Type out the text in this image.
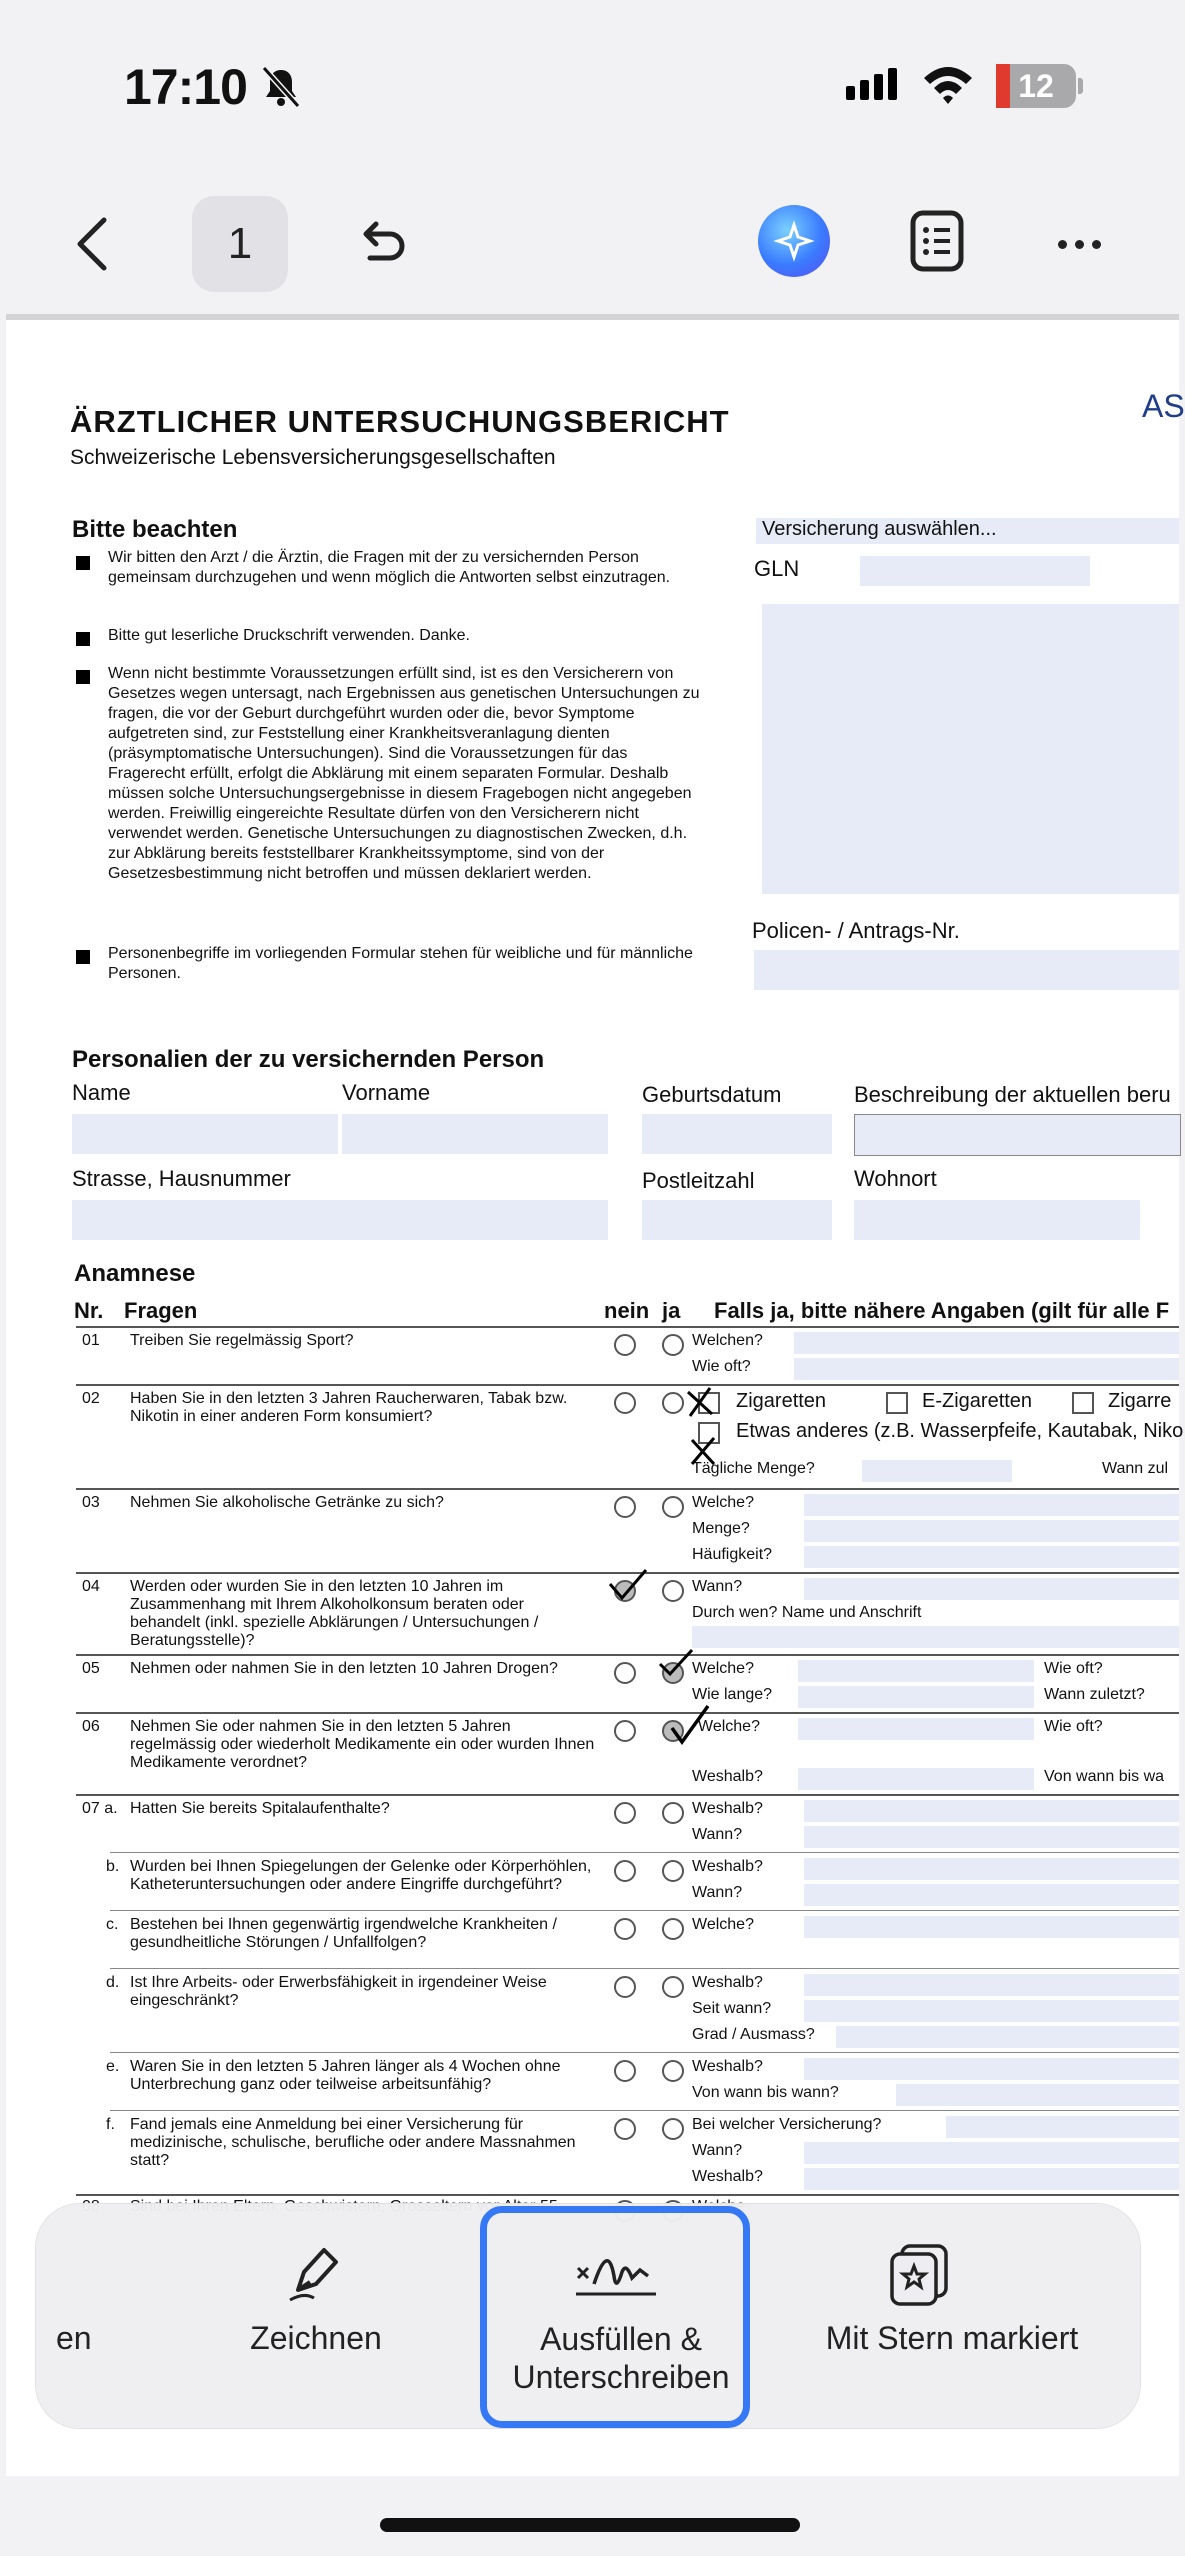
17:10	12
1
ÄRZTLICHER UNTERSUCHUNGSBERICHT
Schweizerische Lebensversicherungsgesellschaften
AS
Bitte beachten
Wir bitten den Arzt / die Ärztin, die Fragen mit der zu versichernden Person gemeinsam durchzugehen und wenn möglich die Antworten selbst einzutragen.
Bitte gut leserliche Druckschrift verwenden. Danke.
Wenn nicht bestimmte Voraussetzungen erfüllt sind, ist es den Versicherern von Gesetzes wegen untersagt, nach Ergebnissen aus genetischen Untersuchungen zu fragen, die vor der Geburt durchgeführt wurden oder die, bevor Symptome aufgetreten sind, zur Feststellung einer Krankheitsveranlagung dienten (präsymptomatische Untersuchungen). Sind die Voraussetzungen für das Fragerecht erfüllt, erfolgt die Abklärung mit einem separaten Formular. Deshalb müssen solche Untersuchungsergebnisse in diesem Fragebogen nicht angegeben werden. Freiwillig eingereichte Resultate dürfen von den Versicherern nicht verwendet werden. Genetische Untersuchungen zu diagnostischen Zwecken, d.h. zur Abklärung bereits feststellbarer Krankheitssymptome, sind von der Gesetzesbestimmung nicht betroffen und müssen deklariert werden.
Personenbegriffe im vorliegenden Formular stehen für weibliche und für männliche Personen.
Versicherung auswählen...
GLN
Policen- / Antrags-Nr.
Personalien der zu versichernden Person
Name	Vorname	Geburtsdatum	Beschreibung der aktuellen beru
Strasse, Hausnummer	Postleitzahl	Wohnort
Anamnese
Nr. Fragen	nein ja Falls ja, bitte nähere Angaben (gilt für alle F
01 Treiben Sie regelmässig Sport?	Welchen?
Wie oft?
02 Haben Sie in den letzten 3 Jahren Raucherwaren, Tabak bzw. Nikotin in einer anderen Form konsumiert?
Zigaretten	E-Zigaretten	Zigarre
Etwas anderes (z.B. Wasserpfeife, Kautabak, Niko
Tägliche Menge?	Wann zul
03 Nehmen Sie alkoholische Getränke zu sich?	Welche?
Menge?
Häufigkeit?
04 Werden oder wurden Sie in den letzten 10 Jahren im Zusammenhang mit Ihrem Alkoholkonsum beraten oder behandelt (inkl. spezielle Abklärungen / Untersuchungen / Beratungsstelle)?
Wann?
Durch wen? Name und Anschrift
05 Nehmen oder nahmen Sie in den letzten 10 Jahren Drogen?	Welche?
Wie lange?
Wie oft?
Wann zuletzt?
06 Nehmen Sie oder nahmen Sie in den letzten 5 Jahren regelmässig oder wiederholt Medikamente ein oder wurden Ihnen Medikamente verordnet?
Welche?	Wie oft?
Weshalb?	Von wann bis wa
07 a. Hatten Sie bereits Spitalaufenthalte?	Weshalb?
Wann?
b. Wurden bei Ihnen Spiegelungen der Gelenke oder Körperhöhlen, Katheteruntersuchungen oder andere Eingriffe durchgeführt?
Weshalb?
Wann?
c. Bestehen bei Ihnen gegenwärtig irgendwelche Krankheiten / gesundheitliche Störungen / Unfallfolgen?
Welche?
d. Ist Ihre Arbeits- oder Erwerbsfähigkeit in irgendeiner Weise eingeschränkt?
Weshalb?
Seit wann?
Grad / Ausmass?
e. Waren Sie in den letzten 5 Jahren länger als 4 Wochen ohne Unterbrechung ganz oder teilweise arbeitsunfähig?
Weshalb?
Von wann bis wann?
f. Fand jemals eine Anmeldung bei einer Versicherung für medizinische, schulische, berufliche oder andere Massnahmen statt?
Bei welcher Versicherung?
Wann?
Weshalb?
en	Zeichnen	Ausfüllen & Unterschreiben
Mit Stern markiert
